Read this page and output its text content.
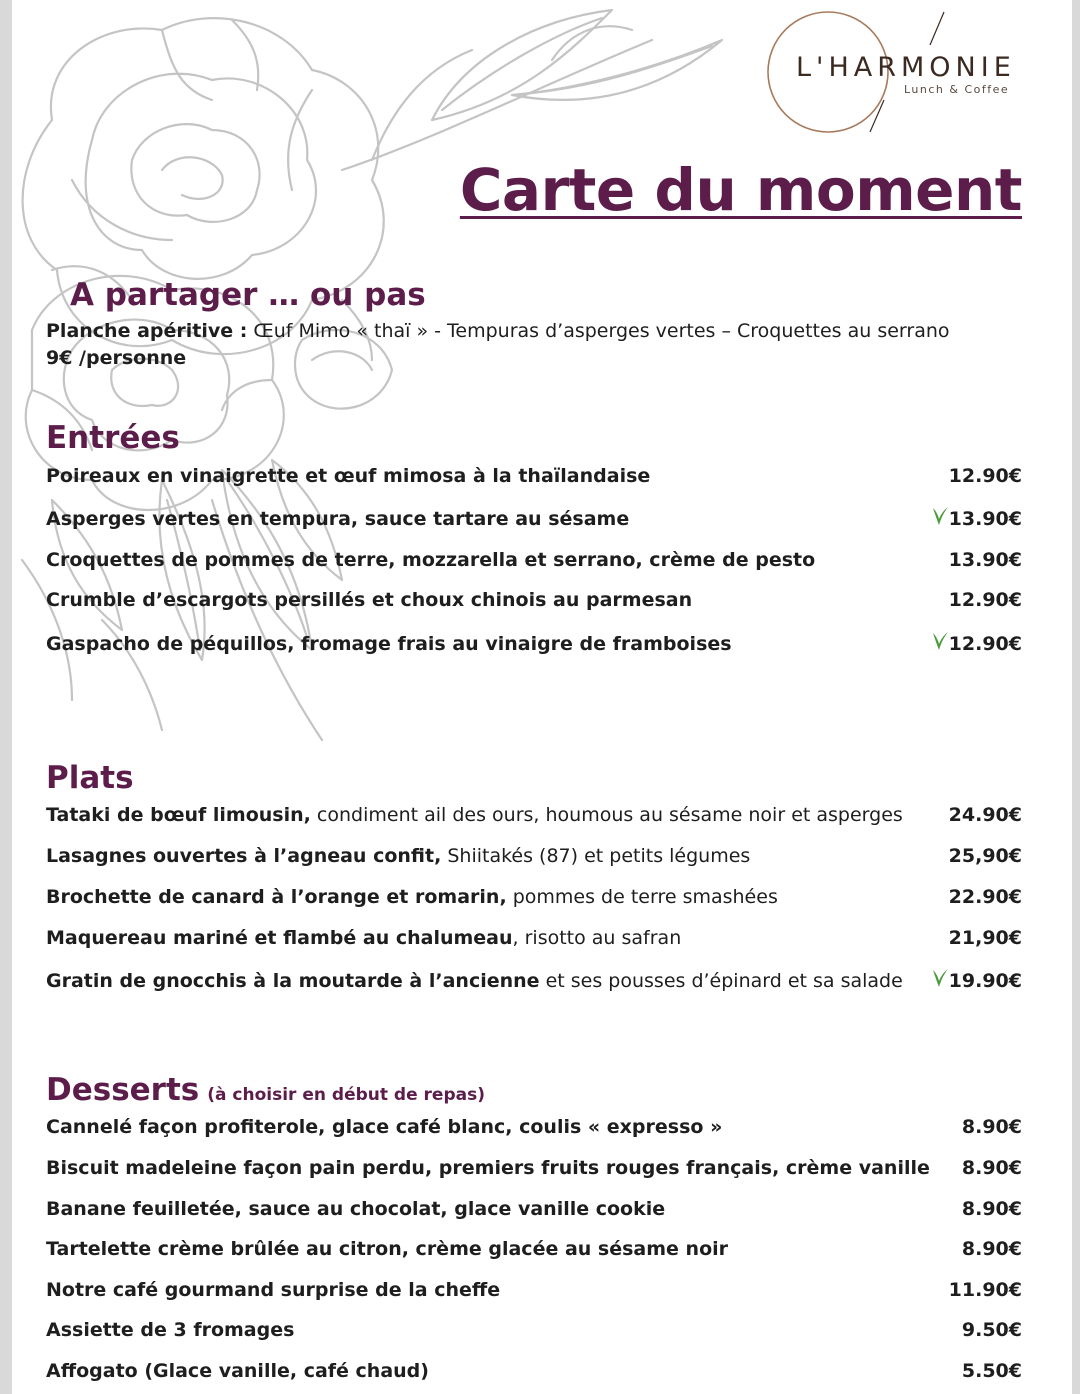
L'HARMONIE
Lunch & Coffee
Carte du moment
A partager … ou pas
Planche apéritive : Œuf Mimo « thaï » - Tempuras d’asperges vertes – Croquettes au serrano
9€ /personne
Entrées
Poireaux en vinaigrette et œuf mimosa à la thaïlandaise	12.90€
Asperges vertes en tempura, sauce tartare au sésame	13.90€
Croquettes de pommes de terre, mozzarella et serrano, crème de pesto	13.90€
Crumble d’escargots persillés et choux chinois au parmesan	12.90€
Gaspacho de péquillos, fromage frais au vinaigre de framboises	12.90€
Plats
Tataki de bœuf limousin, condiment ail des ours, houmous au sésame noir et asperges 24.90€
Lasagnes ouvertes à l’agneau confit, Shiitakés (87) et petits légumes	25,90€
Brochette de canard à l’orange et romarin, pommes de terre smashées	22.90€
Maquereau mariné et flambé au chalumeau, risotto au safran	21,90€
Gratin de gnocchis à la moutarde à l’ancienne et ses pousses d’épinard et sa salade 19.90€
Desserts (à choisir en début de repas)
Cannelé façon profiterole, glace café blanc, coulis « expresso »	8.90€
Biscuit madeleine façon pain perdu, premiers fruits rouges français, crème vanille 8.90€
Banane feuilletée, sauce au chocolat, glace vanille cookie	8.90€
Tartelette crème brûlée au citron, crème glacée au sésame noir	8.90€
Notre café gourmand surprise de la cheffe	11.90€
Assiette de 3 fromages	9.50€
Affogato (Glace vanille, café chaud)	5.50€
